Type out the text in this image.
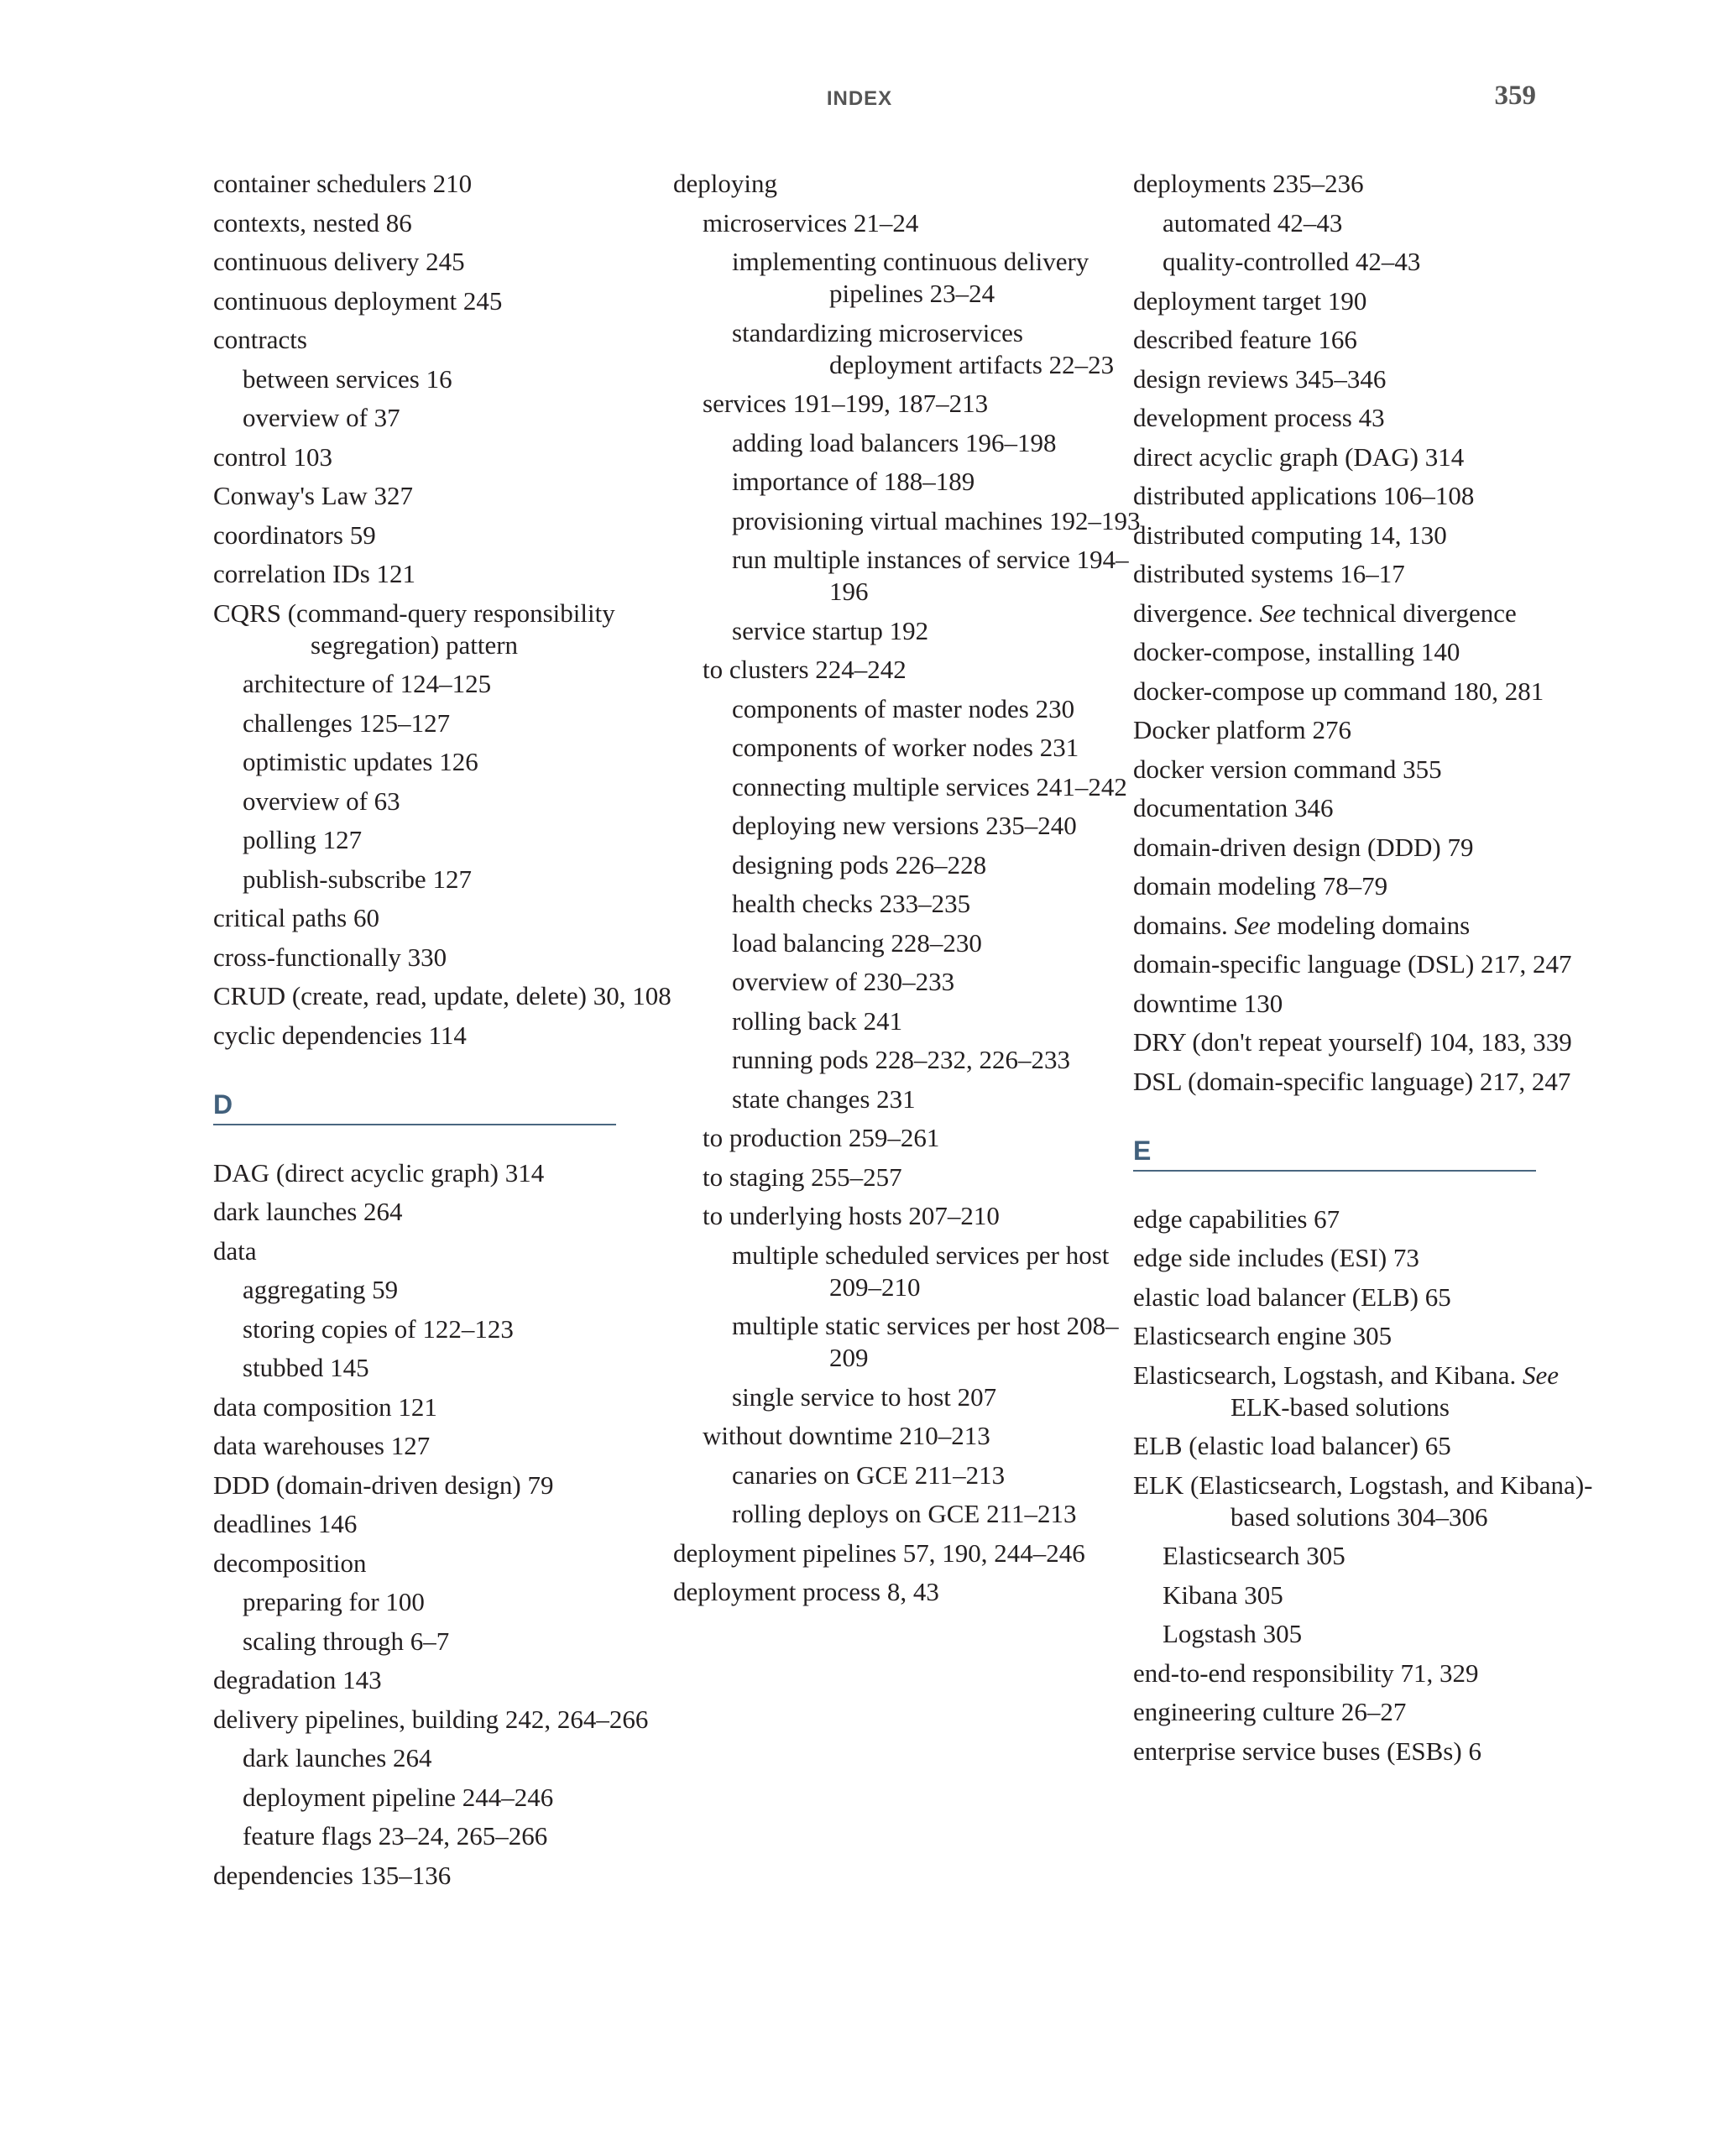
INDEX	359
container schedulers 210
contexts, nested 86
continuous delivery 245
continuous deployment 245
contracts
between services 16
overview of 37
control 103
Conway's Law 327
coordinators 59
correlation IDs 121
CQRS (command-query responsibility segregation) pattern
architecture of 124–125
challenges 125–127
optimistic updates 126
overview of 63
polling 127
publish-subscribe 127
critical paths 60
cross-functionally 330
CRUD (create, read, update, delete) 30, 108
cyclic dependencies 114
D
DAG (direct acyclic graph) 314
dark launches 264
data
aggregating 59
storing copies of 122–123
stubbed 145
data composition 121
data warehouses 127
DDD (domain-driven design) 79
deadlines 146
decomposition
preparing for 100
scaling through 6–7
degradation 143
delivery pipelines, building 242, 264–266
dark launches 264
deployment pipeline 244–246
feature flags 23–24, 265–266
dependencies 135–136
deploying
microservices 21–24
implementing continuous delivery pipelines 23–24
standardizing microservices deployment artifacts 22–23
services 191–199, 187–213
adding load balancers 196–198
importance of 188–189
provisioning virtual machines 192–193
run multiple instances of service 194–196
service startup 192
to clusters 224–242
components of master nodes 230
components of worker nodes 231
connecting multiple services 241–242
deploying new versions 235–240
designing pods 226–228
health checks 233–235
load balancing 228–230
overview of 230–233
rolling back 241
running pods 228–232, 226–233
state changes 231
to production 259–261
to staging 255–257
to underlying hosts 207–210
multiple scheduled services per host 209–210
multiple static services per host 208–209
single service to host 207
without downtime 210–213
canaries on GCE 211–213
rolling deploys on GCE 211–213
deployment pipelines 57, 190, 244–246
deployment process 8, 43
deployments 235–236
automated 42–43
quality-controlled 42–43
deployment target 190
described feature 166
design reviews 345–346
development process 43
direct acyclic graph (DAG) 314
distributed applications 106–108
distributed computing 14, 130
distributed systems 16–17
divergence. See technical divergence
docker-compose, installing 140
docker-compose up command 180, 281
Docker platform 276
docker version command 355
documentation 346
domain-driven design (DDD) 79
domain modeling 78–79
domains. See modeling domains
domain-specific language (DSL) 217, 247
downtime 130
DRY (don't repeat yourself) 104, 183, 339
DSL (domain-specific language) 217, 247
E
edge capabilities 67
edge side includes (ESI) 73
elastic load balancer (ELB) 65
Elasticsearch engine 305
Elasticsearch, Logstash, and Kibana. See ELK-based solutions
ELB (elastic load balancer) 65
ELK (Elasticsearch, Logstash, and Kibana)-based solutions 304–306
Elasticsearch 305
Kibana 305
Logstash 305
end-to-end responsibility 71, 329
engineering culture 26–27
enterprise service buses (ESBs) 6
